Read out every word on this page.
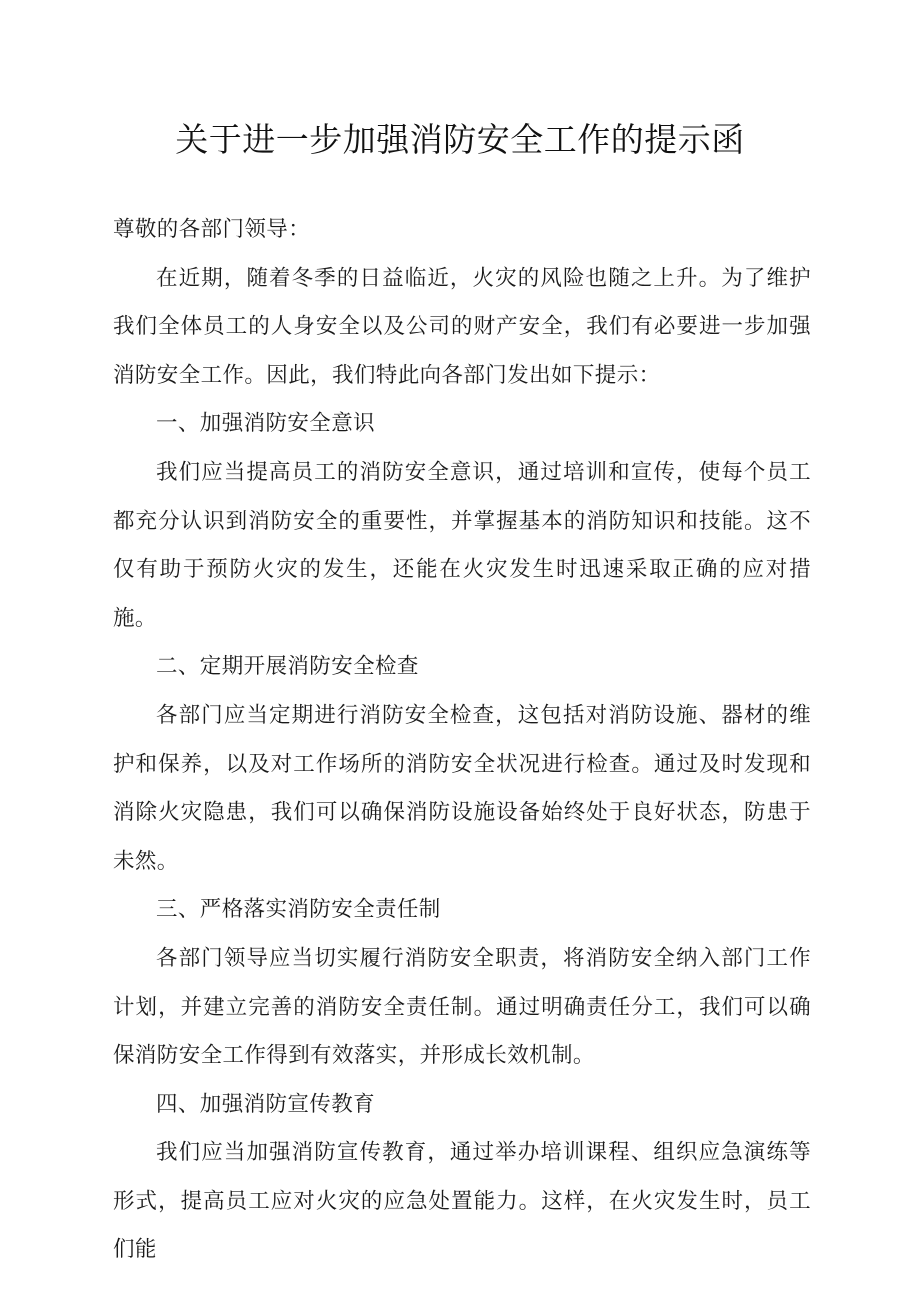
关于进一步加强消防安全工作的提示函

尊敬的各部门领导：

在近期，随着冬季的日益临近，火灾的风险也随之上升。为了维护我们全体员工的人身安全以及公司的财产安全，我们有必要进一步加强消防安全工作。因此，我们特此向各部门发出如下提示：

一、加强消防安全意识

我们应当提高员工的消防安全意识，通过培训和宣传，使每个员工都充分认识到消防安全的重要性，并掌握基本的消防知识和技能。这不仅有助于预防火灾的发生，还能在火灾发生时迅速采取正确的应对措施。

二、定期开展消防安全检查

各部门应当定期进行消防安全检查，这包括对消防设施、器材的维护和保养，以及对工作场所的消防安全状况进行检查。通过及时发现和消除火灾隐患，我们可以确保消防设施设备始终处于良好状态，防患于未然。

三、严格落实消防安全责任制

各部门领导应当切实履行消防安全职责，将消防安全纳入部门工作计划，并建立完善的消防安全责任制。通过明确责任分工，我们可以确保消防安全工作得到有效落实，并形成长效机制。

四、加强消防宣传教育

我们应当加强消防宣传教育，通过举办培训课程、组织应急演练等形式，提高员工应对火灾的应急处置能力。这样，在火灾发生时，员工们能
